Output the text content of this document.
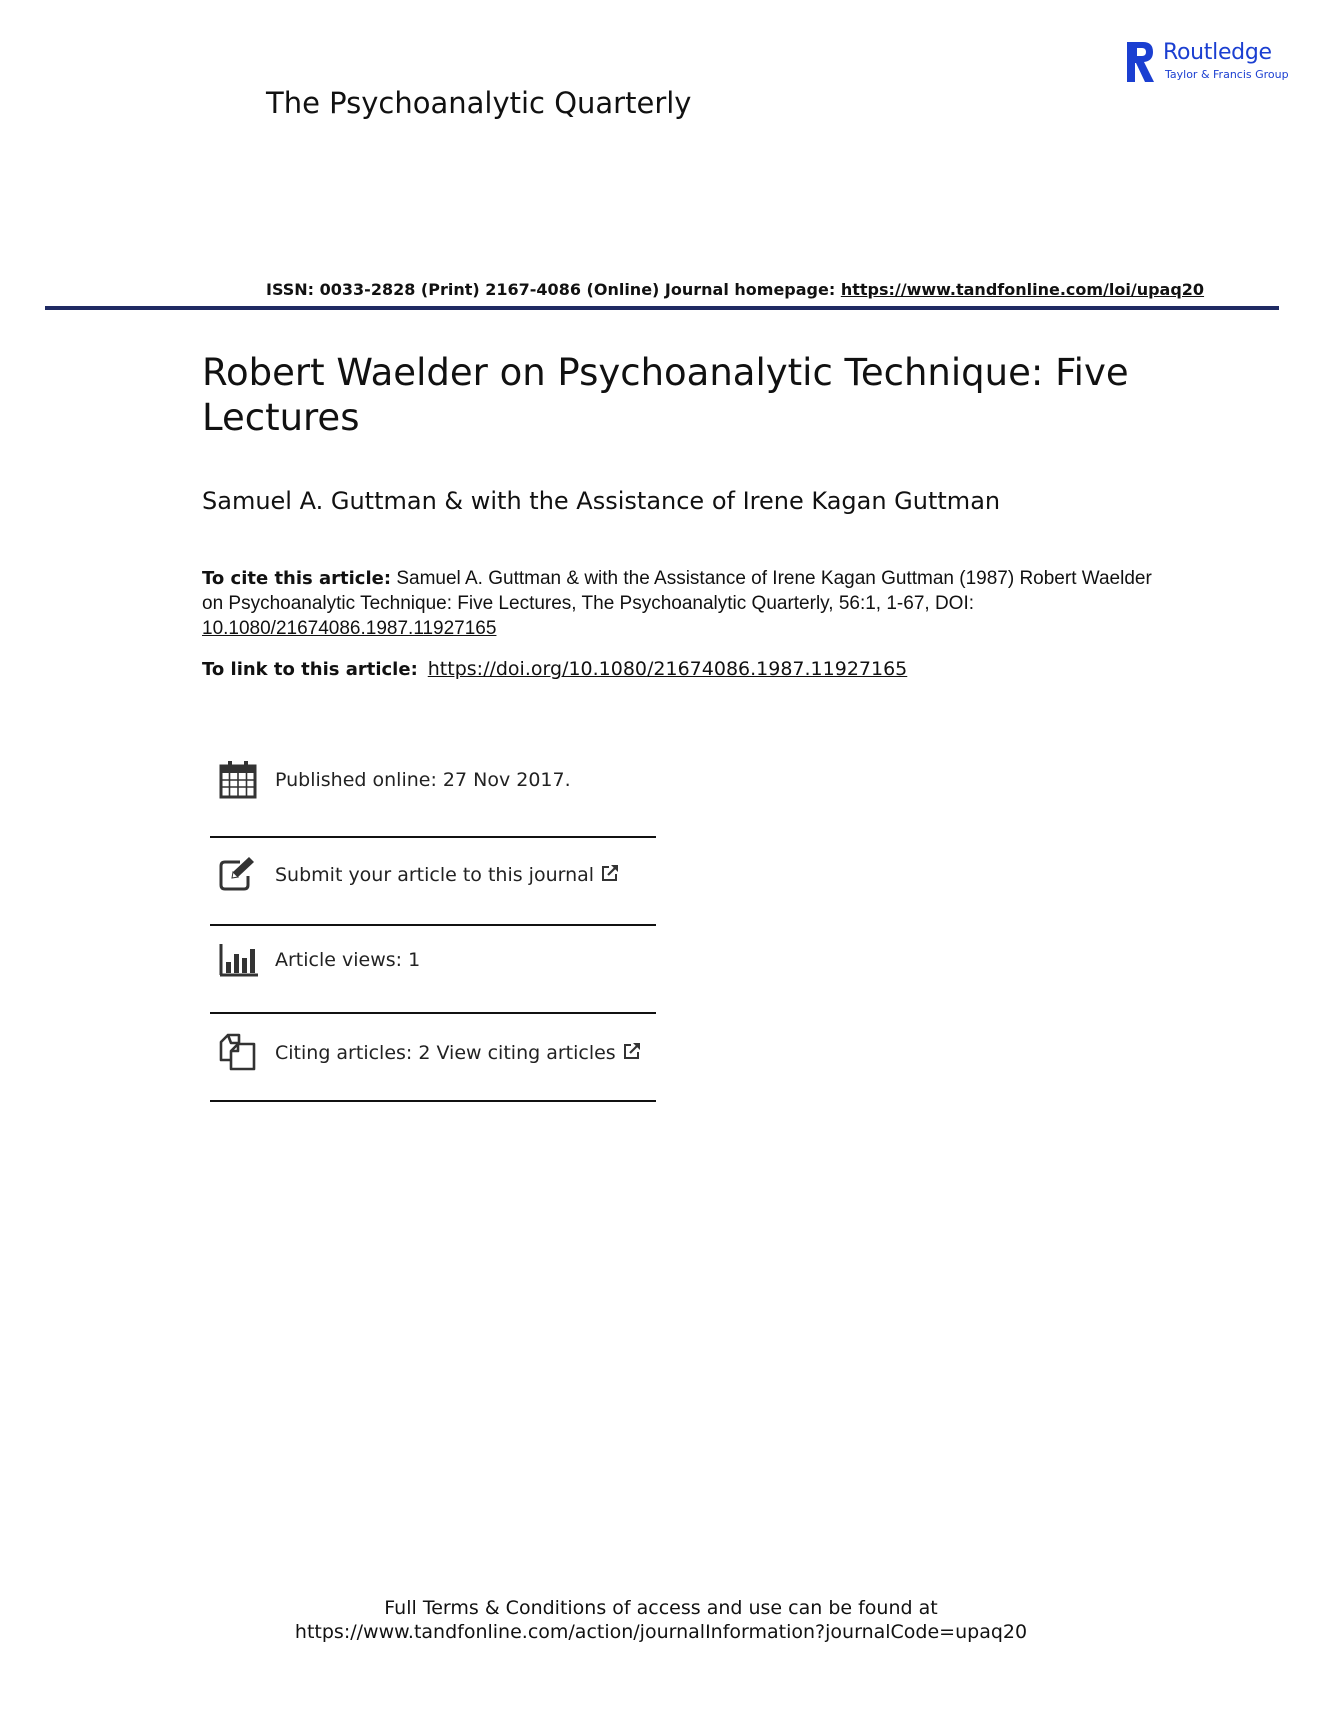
Routledge
Taylor & Francis Group
The Psychoanalytic Quarterly
ISSN: 0033-2828 (Print) 2167-4086 (Online) Journal homepage: https://www.tandfonline.com/loi/upaq20
Robert Waelder on Psychoanalytic Technique: Five Lectures
Samuel A. Guttman & with the Assistance of Irene Kagan Guttman
To cite this article: Samuel A. Guttman & with the Assistance of Irene Kagan Guttman (1987) Robert Waelder on Psychoanalytic Technique: Five Lectures, The Psychoanalytic Quarterly, 56:1, 1-67, DOI: 10.1080/21674086.1987.11927165
To link to this article: https://doi.org/10.1080/21674086.1987.11927165
Published online: 27 Nov 2017.
Submit your article to this journal
Article views: 1
Citing articles: 2 View citing articles
Full Terms & Conditions of access and use can be found at
https://www.tandfonline.com/action/journalInformation?journalCode=upaq20
